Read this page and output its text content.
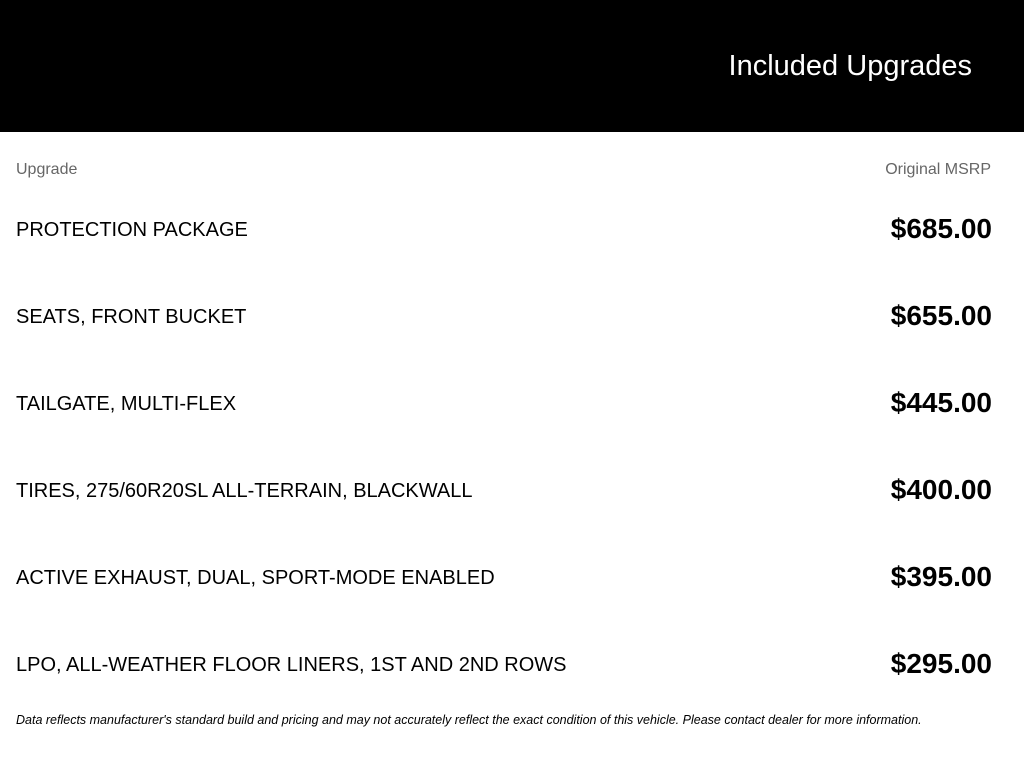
Included Upgrades
Upgrade	Original MSRP
PROTECTION PACKAGE	$685.00
SEATS, FRONT BUCKET	$655.00
TAILGATE, MULTI-FLEX	$445.00
TIRES, 275/60R20SL ALL-TERRAIN, BLACKWALL	$400.00
ACTIVE EXHAUST, DUAL, SPORT-MODE ENABLED	$395.00
LPO, ALL-WEATHER FLOOR LINERS, 1ST AND 2ND ROWS	$295.00
Data reflects manufacturer's standard build and pricing and may not accurately reflect the exact condition of this vehicle. Please contact dealer for more information.
